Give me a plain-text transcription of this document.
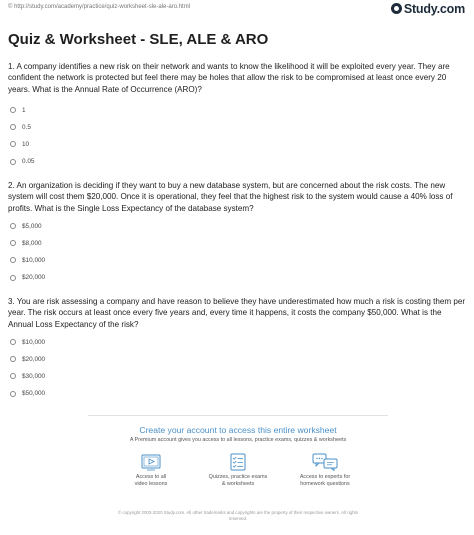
© http://study.com/academy/practice/quiz-worksheet-sle-ale-aro.html	Study.com
Quiz & Worksheet - SLE, ALE & ARO
1. A company identifies a new risk on their network and wants to know the likelihood it will be exploited every year. They are confident the network is protected but feel there may be holes that allow the risk to be compromised at least once every 20 years. What is the Annual Rate of Occurrence (ARO)?
1
0.5
10
0.05
2. An organization is deciding if they want to buy a new database system, but are concerned about the risk costs. The new system will cost them $20,000. Once it is operational, they feel that the highest risk to the system would cause a 40% loss of profits. What is the Single Loss Expectancy of the database system?
$5,000
$8,000
$10,000
$20,000
3. You are risk assessing a company and have reason to believe they have underestimated how much a risk is costing them per year. The risk occurs at least once every five years and, every time it happens, it costs the company $50,000. What is the Annual Loss Expectancy of the risk?
$10,000
$20,000
$30,000
$50,000
Create your account to access this entire worksheet
A Premium account gives you access to all lessons, practice exams, quizzes & worksheets
Access to all
video lessons
Quizzes, practice exams
& worksheets
Access to experts for
homework questions
© copyright 2003-2020 Study.com. All other trademarks and copyrights are the property of their respective owners. All rights
reserved.
